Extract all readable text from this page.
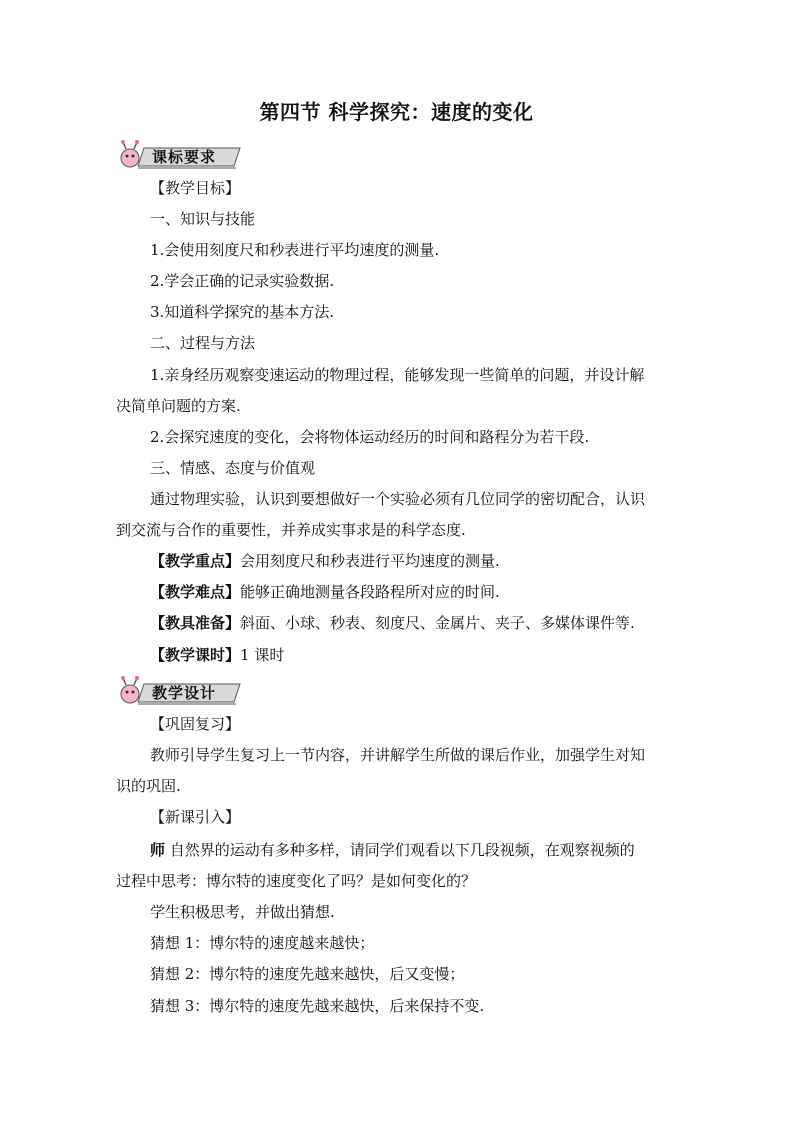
第四节 科学探究：速度的变化
课标要求
【教学目标】
一、知识与技能
1.会使用刻度尺和秒表进行平均速度的测量.
2.学会正确的记录实验数据.
3.知道科学探究的基本方法.
二、过程与方法
1.亲身经历观察变速运动的物理过程，能够发现一些简单的问题，并设计解
决简单问题的方案.
2.会探究速度的变化，会将物体运动经历的时间和路程分为若干段.
三、情感、态度与价值观
通过物理实验，认识到要想做好一个实验必须有几位同学的密切配合，认识
到交流与合作的重要性，并养成实事求是的科学态度.
【教学重点】会用刻度尺和秒表进行平均速度的测量.
【教学难点】能够正确地测量各段路程所对应的时间.
【教具准备】斜面、小球、秒表、刻度尺、金属片、夹子、多媒体课件等.
【教学课时】1 课时
教学设计
【巩固复习】
教师引导学生复习上一节内容，并讲解学生所做的课后作业，加强学生对知
识的巩固.
【新课引入】
师 自然界的运动有多种多样，请同学们观看以下几段视频，在观察视频的
过程中思考：博尔特的速度变化了吗？是如何变化的？
学生积极思考，并做出猜想.
猜想 1：博尔特的速度越来越快；
猜想 2：博尔特的速度先越来越快，后又变慢；
猜想 3：博尔特的速度先越来越快，后来保持不变.
